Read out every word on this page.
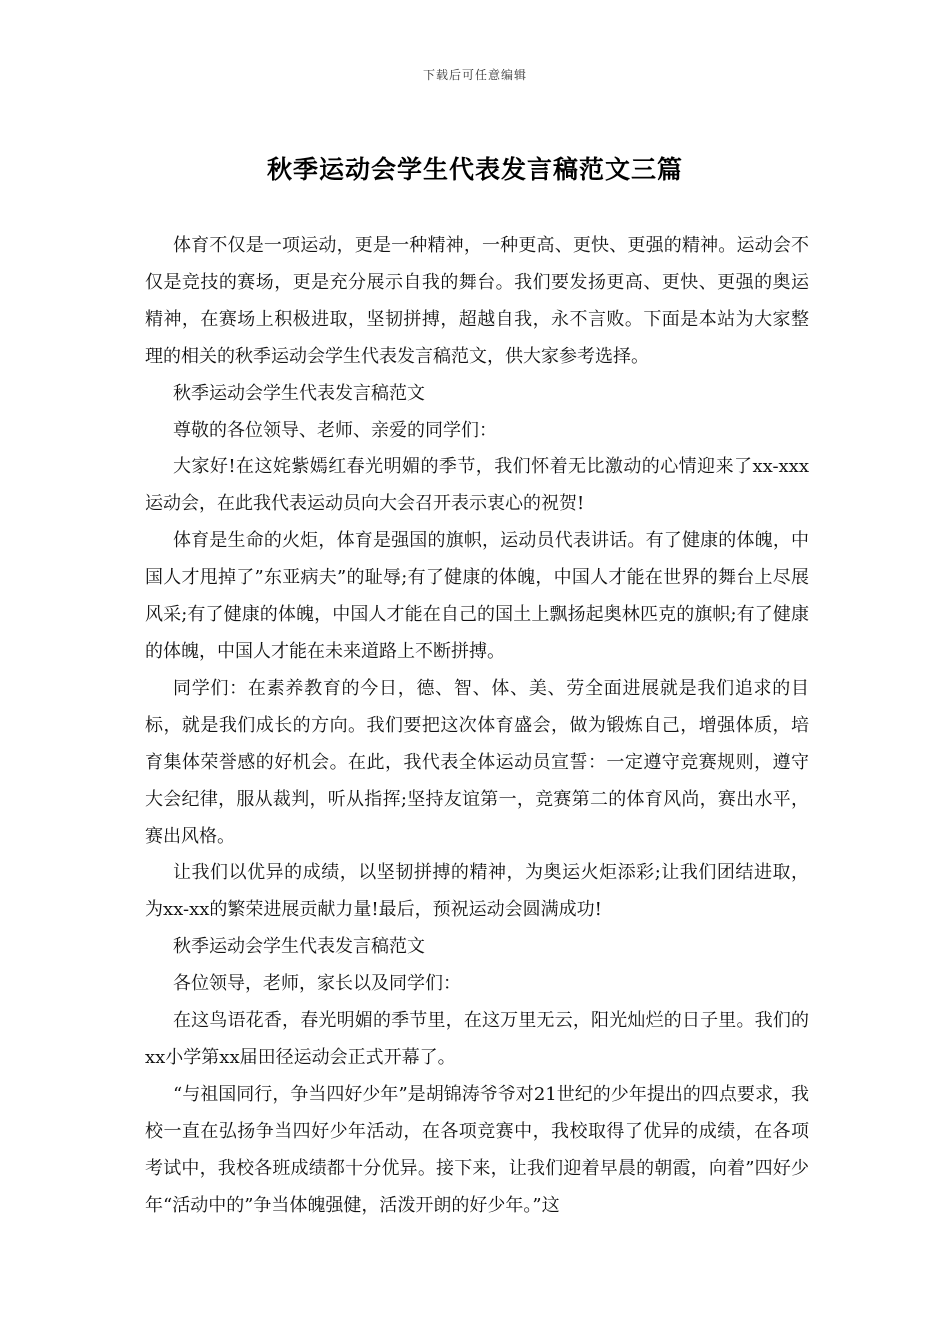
下载后可任意编辑
秋季运动会学生代表发言稿范文三篇

体育不仅是一项运动，更是一种精神，一种更高、更快、更强的精神。运动会不仅是竞技的赛场，更是充分展示自我的舞台。我们要发扬更高、更快、更强的奥运精神，在赛场上积极进取，坚韧拼搏，超越自我，永不言败。下面是本站为大家整理的相关的秋季运动会学生代表发言稿范文，供大家参考选择。

秋季运动会学生代表发言稿范文

尊敬的各位领导、老师、亲爱的同学们：

大家好!在这姹紫嫣红春光明媚的季节，我们怀着无比激动的心情迎来了xx-xxx运动会，在此我代表运动员向大会召开表示衷心的祝贺!

体育是生命的火炬，体育是强国的旗帜，运动员代表讲话。有了健康的体魄，中国人才甩掉了”东亚病夫”的耻辱;有了健康的体魄，中国人才能在世界的舞台上尽展风采;有了健康的体魄，中国人才能在自己的国土上飘扬起奥林匹克的旗帜;有了健康的体魄，中国人才能在未来道路上不断拼搏。

同学们：在素养教育的今日，德、智、体、美、劳全面进展就是我们追求的目标，就是我们成长的方向。我们要把这次体育盛会，做为锻炼自己，增强体质，培育集体荣誉感的好机会。在此，我代表全体运动员宣誓：一定遵守竞赛规则，遵守大会纪律，服从裁判，听从指挥;坚持友谊第一，竞赛第二的体育风尚，赛出水平，赛出风格。

让我们以优异的成绩，以坚韧拼搏的精神，为奥运火炬添彩;让我们团结进取，为xx-xx的繁荣进展贡献力量!最后，预祝运动会圆满成功!

秋季运动会学生代表发言稿范文

各位领导，老师，家长以及同学们：

在这鸟语花香，春光明媚的季节里，在这万里无云，阳光灿烂的日子里。我们的xx小学第xx届田径运动会正式开幕了。

“与祖国同行，争当四好少年”是胡锦涛爷爷对21世纪的少年提出的四点要求，我校一直在弘扬争当四好少年活动，在各项竞赛中，我校取得了优异的成绩，在各项考试中，我校各班成绩都十分优异。接下来，让我们迎着早晨的朝霞，向着”四好少年“活动中的”争当体魄强健，活泼开朗的好少年。”这
